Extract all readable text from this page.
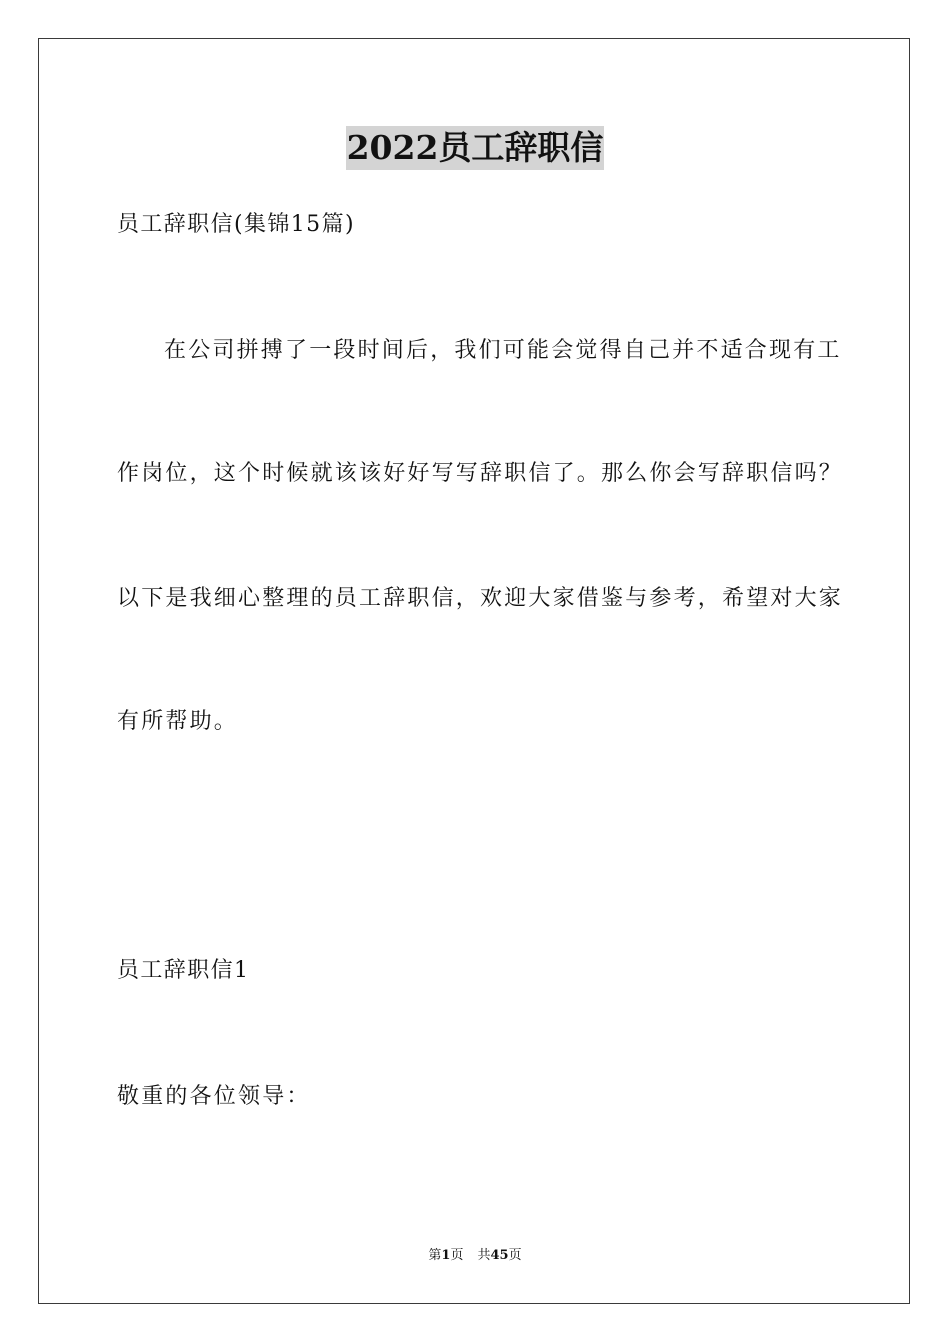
2022员工辞职信
员工辞职信(集锦15篇)
在公司拼搏了一段时间后，我们可能会觉得自己并不适合现有工
作岗位，这个时候就该该好好写写辞职信了。那么你会写辞职信吗？
以下是我细心整理的员工辞职信，欢迎大家借鉴与参考，希望对大家
有所帮助。
员工辞职信1
敬重的各位领导：
第1页 共45页
